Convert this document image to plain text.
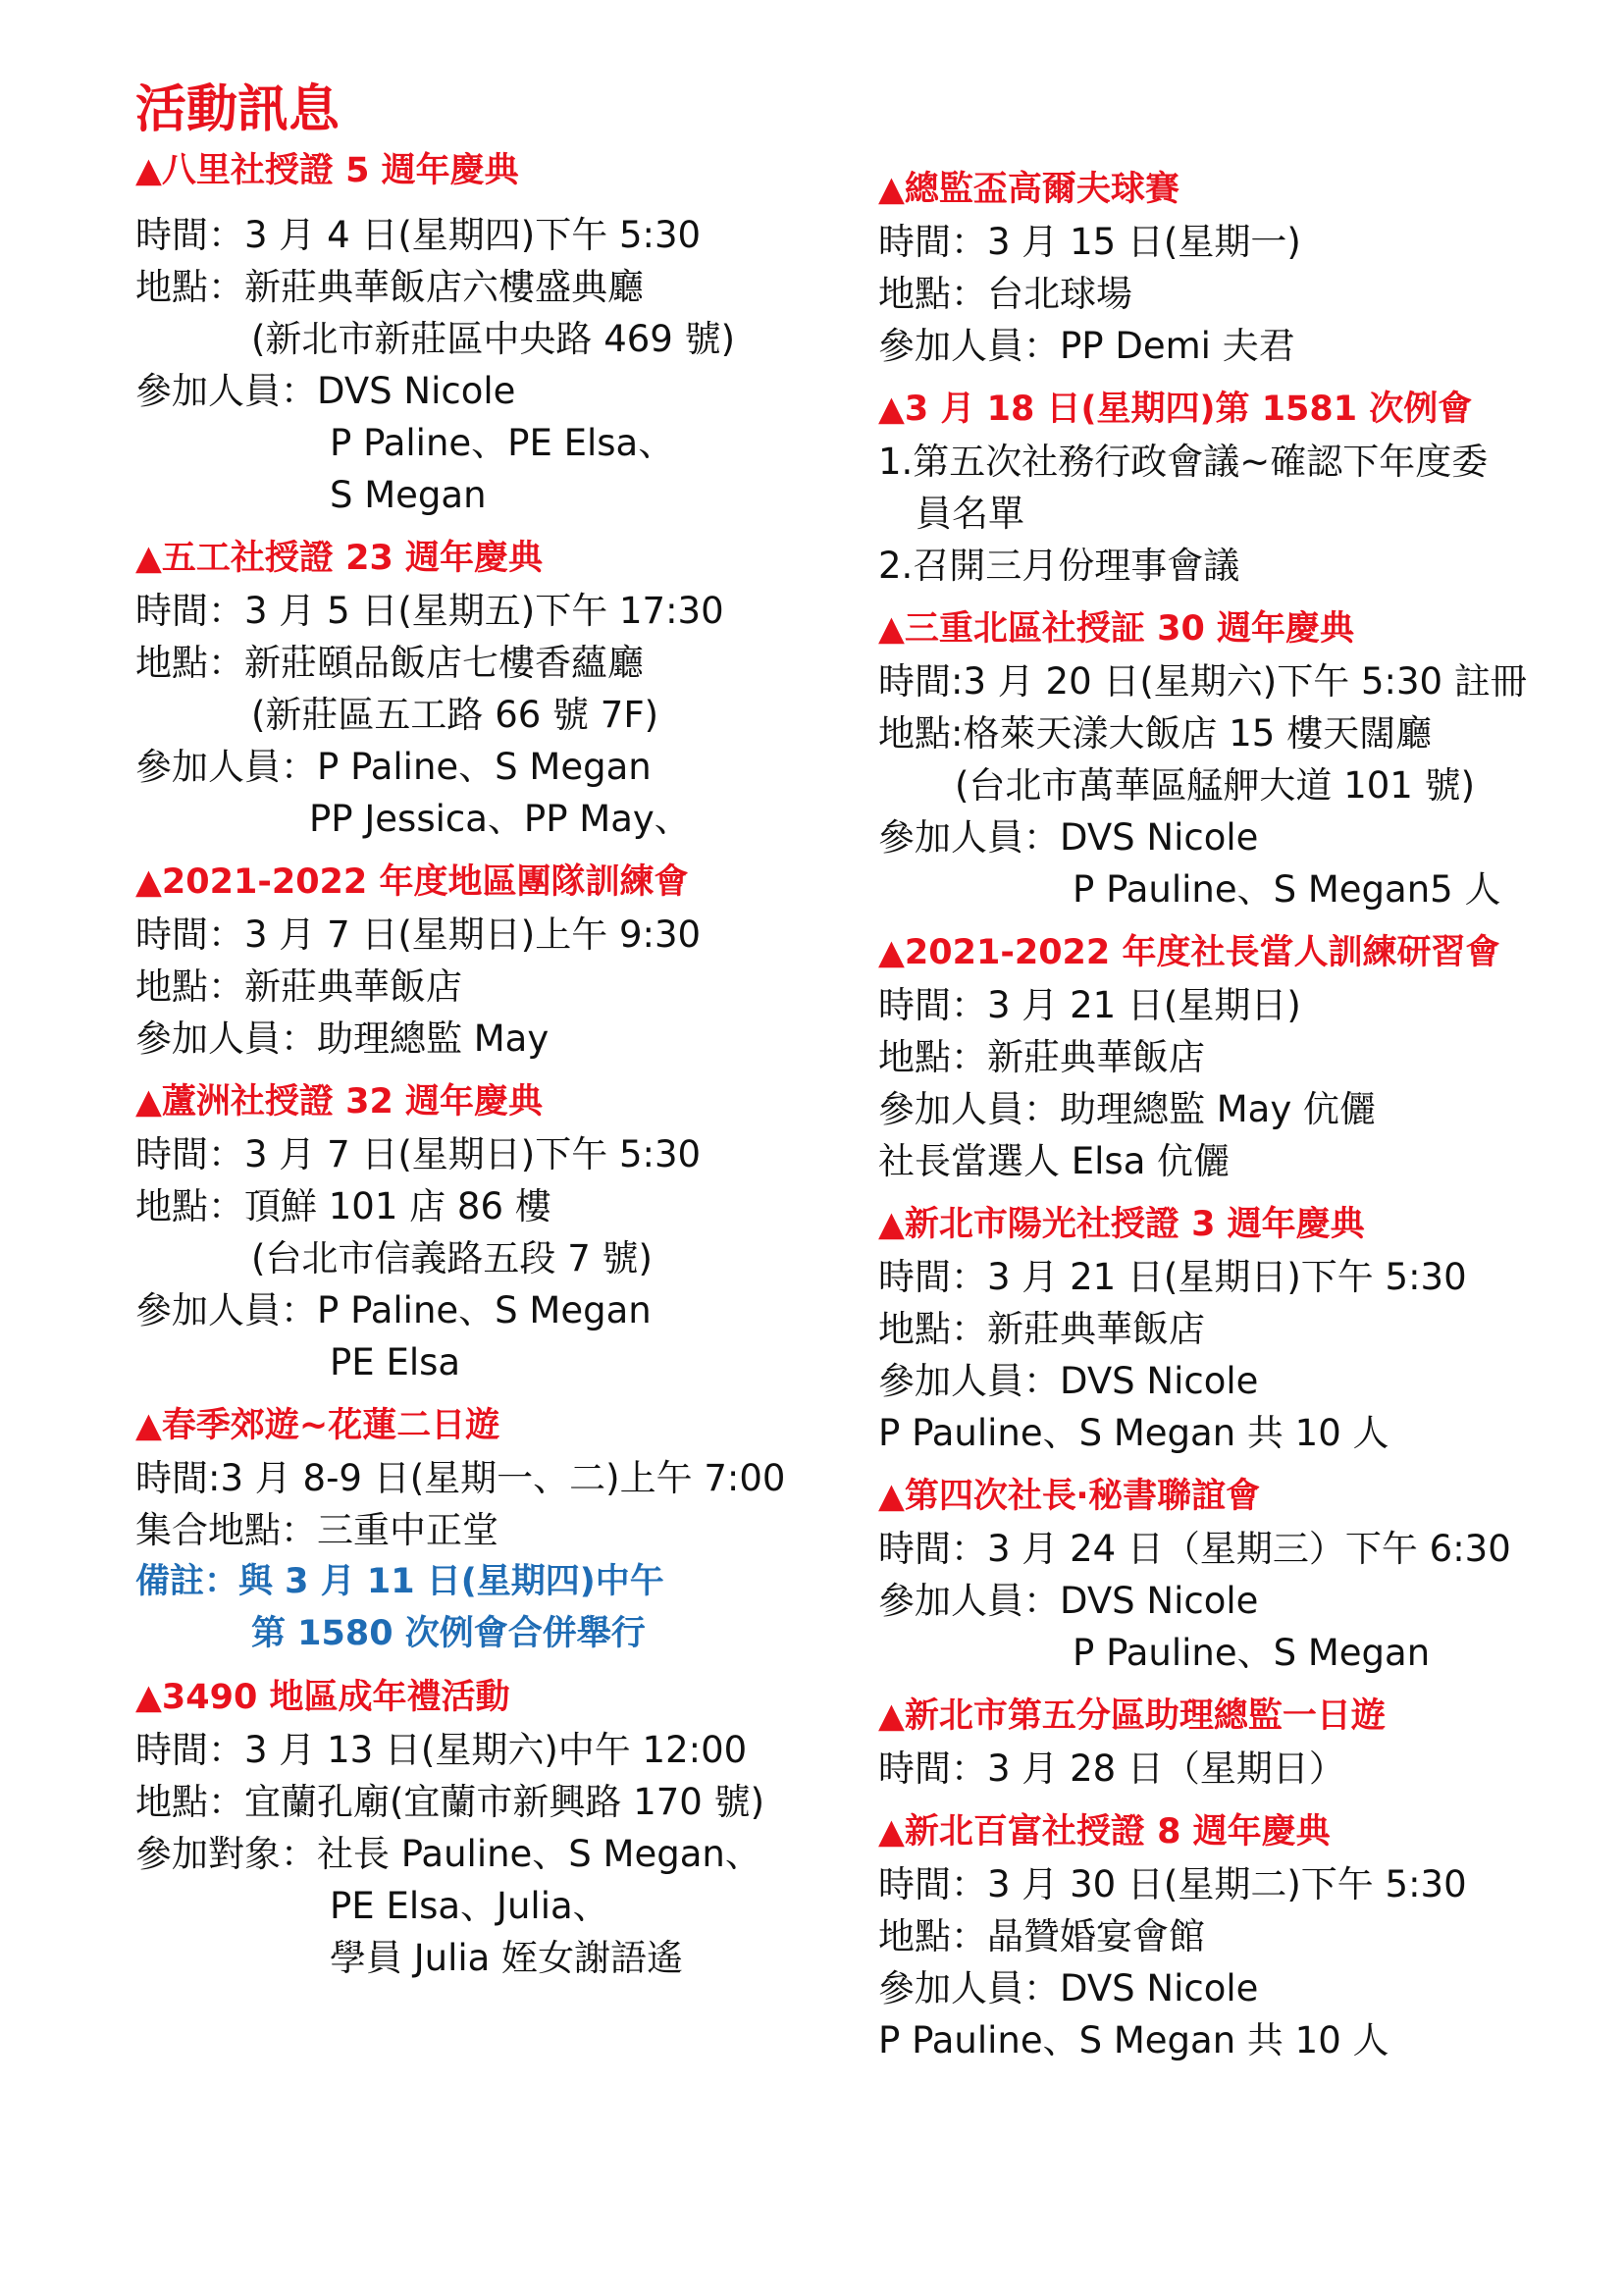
活動訊息
▲八里社授證 5 週年慶典
時間：3 月 4 日(星期四)下午 5:30
地點：新莊典華飯店六樓盛典廳
(新北市新莊區中央路 469 號)
參加人員：DVS Nicole
P Paline、PE Elsa、
S Megan
▲五工社授證 23 週年慶典
時間：3 月 5 日(星期五)下午 17:30
地點：新莊頤品飯店七樓香蘊廳
(新莊區五工路 66 號 7F)
參加人員：P Paline、S Megan
PP Jessica、PP May、
▲2021-2022 年度地區團隊訓練會
時間：3 月 7 日(星期日)上午 9:30
地點：新莊典華飯店
參加人員：助理總監 May
▲蘆洲社授證 32 週年慶典
時間：3 月 7 日(星期日)下午 5:30
地點：頂鮮 101 店 86 樓
(台北市信義路五段 7 號)
參加人員：P Paline、S Megan
PE Elsa
▲春季郊遊~花蓮二日遊
時間:3 月 8-9 日(星期一、二)上午 7:00
集合地點：三重中正堂
備註：與 3 月 11 日(星期四)中午
第 1580 次例會合併舉行
▲3490 地區成年禮活動
時間：3 月 13 日(星期六)中午 12:00
地點：宜蘭孔廟(宜蘭市新興路 170 號)
參加對象：社長 Pauline、S Megan、
PE Elsa、Julia、
學員 Julia 姪女謝語遙
▲總監盃高爾夫球賽
時間：3 月 15 日(星期一)
地點：台北球場
參加人員：PP Demi 夫君
▲3 月 18 日(星期四)第 1581 次例會
1.第五次社務行政會議~確認下年度委
員名單
2.召開三月份理事會議
▲三重北區社授証 30 週年慶典
時間:3 月 20 日(星期六)下午 5:30 註冊
地點:格萊天漾大飯店 15 樓天闊廳
(台北市萬華區艋舺大道 101 號)
參加人員：DVS Nicole
P Pauline、S Megan5 人
▲2021-2022 年度社長當人訓練研習會
時間：3 月 21 日(星期日)
地點：新莊典華飯店
參加人員：助理總監 May 伉儷
社長當選人 Elsa 伉儷
▲新北市陽光社授證 3 週年慶典
時間：3 月 21 日(星期日)下午 5:30
地點：新莊典華飯店
參加人員：DVS Nicole
P Pauline、S Megan 共 10 人
▲第四次社長‧秘書聯誼會
時間：3 月 24 日（星期三）下午 6:30
參加人員：DVS Nicole
P Pauline、S Megan
▲新北市第五分區助理總監一日遊
時間：3 月 28 日（星期日）
▲新北百富社授證 8 週年慶典
時間：3 月 30 日(星期二)下午 5:30
地點：晶贊婚宴會館
參加人員：DVS Nicole
P Pauline、S Megan 共 10 人
